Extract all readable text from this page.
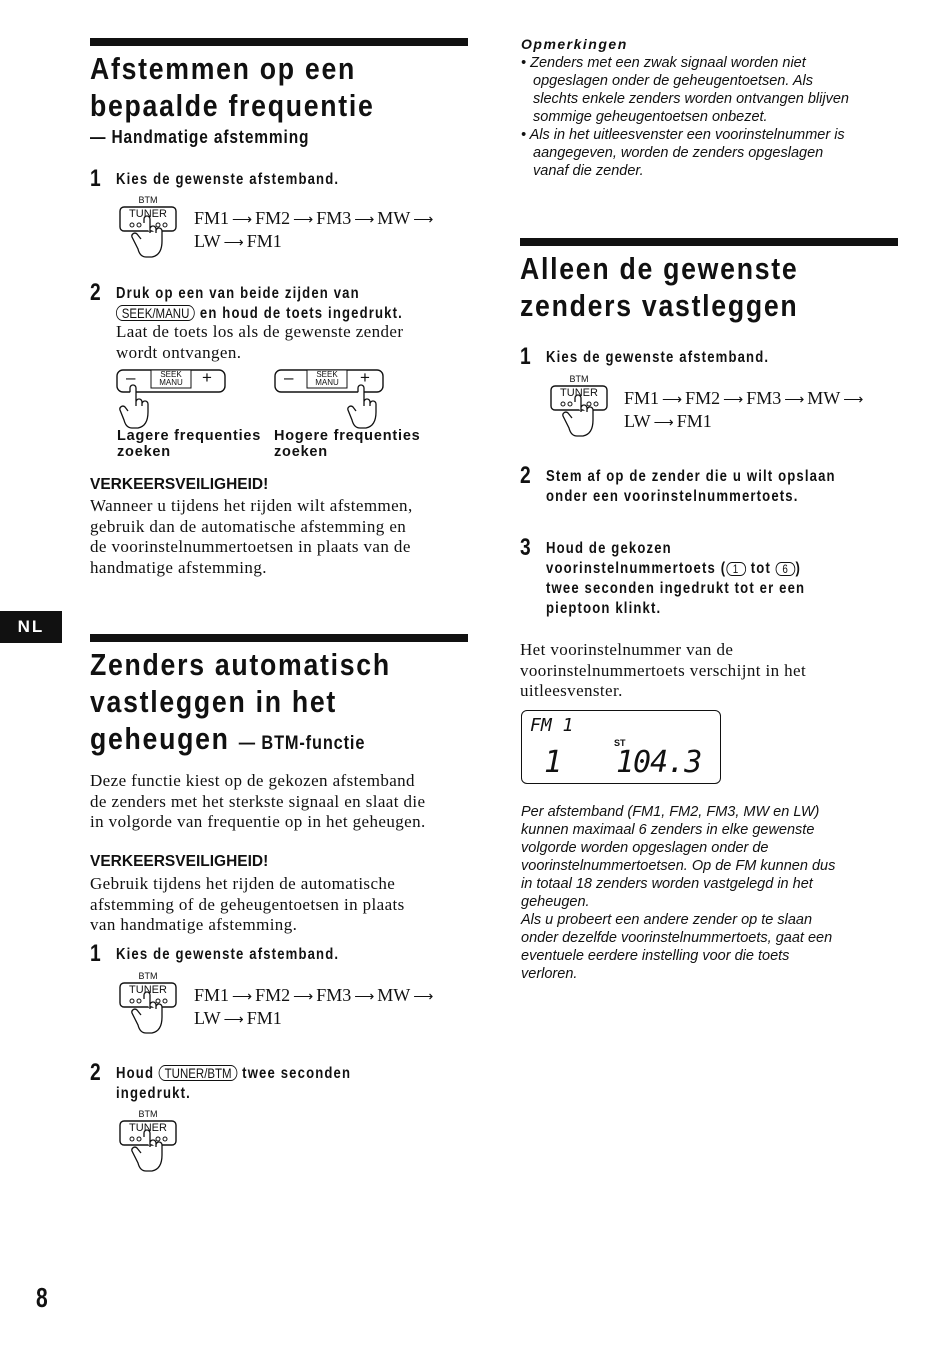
Afstemmen op een
bepaalde frequentie
— Handmatige afstemming
1 Kies de gewenste afstemband.
BTM
TUNER	FM1 ⟶ FM2 ⟶ FM3 ⟶ MW ⟶
LW ⟶ FM1
2 Druk op een van beide zijden van
SEEK/MANU en houd de toets ingedrukt.
Laat de toets los als de gewenste zender
wordt ontvangen.
–	+
SEEK
MANU	–	+
SEEK
MANU
Lagere frequenties
zoeken
Hogere frequenties
zoeken
VERKEERSVEILIGHEID!
Wanneer u tijdens het rijden wilt afstemmen,
gebruik dan de automatische afstemming en
de voorinstelnummertoetsen in plaats van de
handmatige afstemming.
NL
Zenders automatisch
vastleggen in het
geheugen — BTM-functie
Deze functie kiest op de gekozen afstemband
de zenders met het sterkste signaal en slaat die
in volgorde van frequentie op in het geheugen.
VERKEERSVEILIGHEID!
Gebruik tijdens het rijden de automatische
afstemming of de geheugentoetsen in plaats
van handmatige afstemming.
1 Kies de gewenste afstemband.
BTM
TUNER	FM1 ⟶ FM2 ⟶ FM3 ⟶ MW ⟶
LW ⟶ FM1
2 Houd TUNER/BTM twee seconden
ingedrukt.
BTM
TUNER
8
Opmerkingen
• Zenders met een zwak signaal worden niet
opgeslagen onder de geheugentoetsen. Als
slechts enkele zenders worden ontvangen blijven
sommige geheugentoetsen onbezet.
• Als in het uitleesvenster een voorinstelnummer is
aangegeven, worden de zenders opgeslagen
vanaf die zender.
Alleen de gewenste
zenders vastleggen
1 Kies de gewenste afstemband.
BTM
TUNER	FM1 ⟶ FM2 ⟶ FM3 ⟶ MW ⟶
LW ⟶ FM1
2 Stem af op de zender die u wilt opslaan
onder een voorinstelnummertoets.
3 Houd de gekozen
voorinstelnummertoets ( 1 tot 6 )
twee seconden ingedrukt tot er een
pieptoon klinkt.
Het voorinstelnummer van de
voorinstelnummertoets verschijnt in het
uitleesvenster.
FM 1
ST
1 104.3
Per afstemband (FM1, FM2, FM3, MW en LW)
kunnen maximaal 6 zenders in elke gewenste
volgorde worden opgeslagen onder de
voorinstelnummertoetsen. Op de FM kunnen dus
in totaal 18 zenders worden vastgelegd in het
geheugen.
Als u probeert een andere zender op te slaan
onder dezelfde voorinstelnummertoets, gaat een
eventuele eerdere instelling voor die toets
verloren.
